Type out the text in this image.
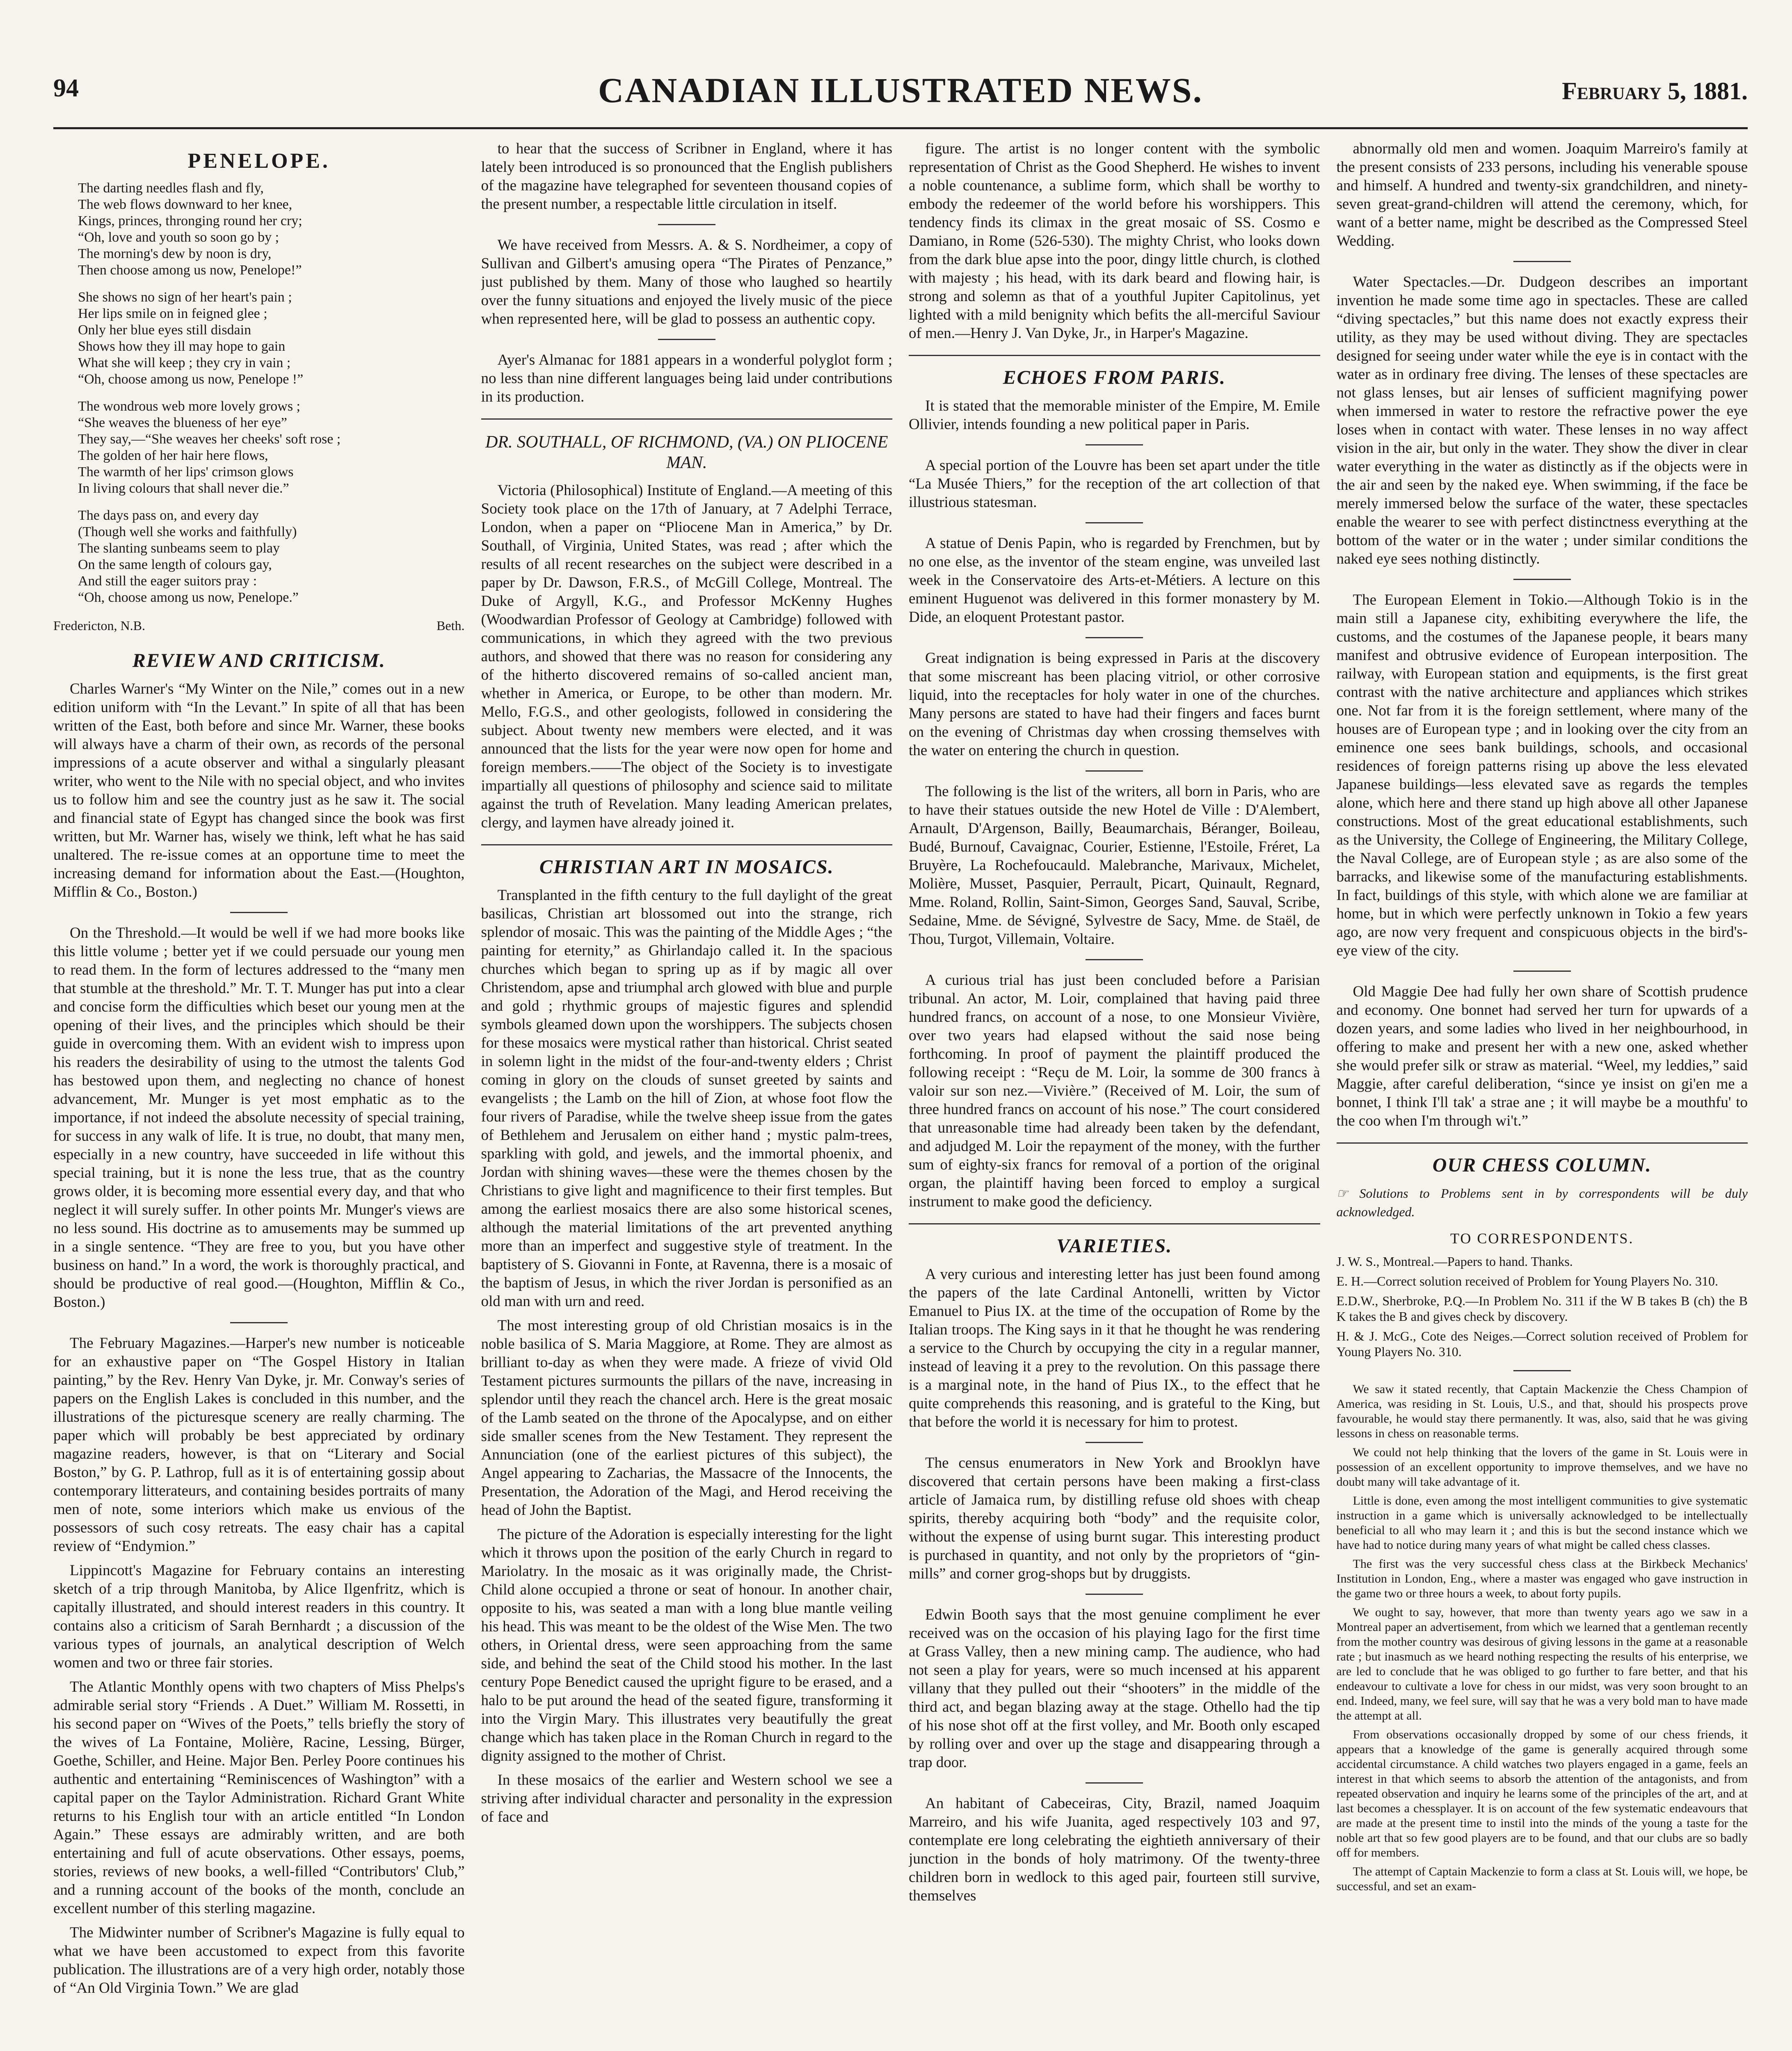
94	CANADIAN ILLUSTRATED NEWS.	February 5, 1881.
PENELOPE.
The darting needles flash and fly,
The web flows downward to her knee,
Kings, princes, thronging round her cry;
“Oh, love and youth so soon go by ;
The morning's dew by noon is dry,
Then choose among us now, Penelope!”
She shows no sign of her heart's pain ;
Her lips smile on in feigned glee ;
Only her blue eyes still disdain
Shows how they ill may hope to gain
What she will keep ; they cry in vain ;
“Oh, choose among us now, Penelope !”
The wondrous web more lovely grows ;
“She weaves the blueness of her eye”
They say,—“She weaves her cheeks' soft rose ;
The golden of her hair here flows,
The warmth of her lips' crimson glows
In living colours that shall never die.”
The days pass on, and every day
(Though well she works and faithfully)
The slanting sunbeams seem to play
On the same length of colours gay,
And still the eager suitors pray :
“Oh, choose among us now, Penelope.”
Fredericton, N.B.	Beth.
REVIEW AND CRITICISM.

Charles Warner's “My Winter on the Nile,” comes out in a new edition uniform with “In the Levant.” In spite of all that has been written of the East, both before and since Mr. Warner, these books will always have a charm of their own, as records of the personal impressions of a acute observer and withal a singularly pleasant writer, who went to the Nile with no special object, and who invites us to follow him and see the country just as he saw it. The social and financial state of Egypt has changed since the book was first written, but Mr. Warner has, wisely we think, left what he has said unaltered. The re-issue comes at an opportune time to meet the increasing demand for information about the East.—(Houghton, Mifflin & Co., Boston.)

On the Threshold.—It would be well if we had more books like this little volume ; better yet if we could persuade our young men to read them. In the form of lectures addressed to the “many men that stumble at the threshold.” Mr. T. T. Munger has put into a clear and concise form the difficulties which beset our young men at the opening of their lives, and the principles which should be their guide in overcoming them. With an evident wish to impress upon his readers the desirability of using to the utmost the talents God has bestowed upon them, and neglecting no chance of honest advancement, Mr. Munger is yet most emphatic as to the importance, if not indeed the absolute necessity of special training, for success in any walk of life. It is true, no doubt, that many men, especially in a new country, have succeeded in life without this special training, but it is none the less true, that as the country grows older, it is becoming more essential every day, and that who neglect it will surely suffer. In other points Mr. Munger's views are no less sound. His doctrine as to amusements may be summed up in a single sentence. “They are free to you, but you have other business on hand.” In a word, the work is thoroughly practical, and should be productive of real good.—(Houghton, Mifflin & Co., Boston.)

The February Magazines.—Harper's new number is noticeable for an exhaustive paper on “The Gospel History in Italian painting,” by the Rev. Henry Van Dyke, jr. Mr. Conway's series of papers on the English Lakes is concluded in this number, and the illustrations of the picturesque scenery are really charming. The paper which will probably be best appreciated by ordinary magazine readers, however, is that on “Literary and Social Boston,” by G. P. Lathrop, full as it is of entertaining gossip about contemporary litterateurs, and containing besides portraits of many men of note, some interiors which make us envious of the possessors of such cosy retreats. The easy chair has a capital review of “Endymion.”

Lippincott's Magazine for February contains an interesting sketch of a trip through Manitoba, by Alice Ilgenfritz, which is capitally illustrated, and should interest readers in this country. It contains also a criticism of Sarah Bernhardt ; a discussion of the various types of journals, an analytical description of Welch women and two or three fair stories.

The Atlantic Monthly opens with two chapters of Miss Phelps's admirable serial story “Friends . A Duet.” William M. Rossetti, in his second paper on “Wives of the Poets,” tells briefly the story of the wives of La Fontaine, Molière, Racine, Lessing, Bürger, Goethe, Schiller, and Heine. Major Ben. Perley Poore continues his authentic and entertaining “Reminiscences of Washington” with a capital paper on the Taylor Administration. Richard Grant White returns to his English tour with an article entitled “In London Again.” These essays are admirably written, and are both entertaining and full of acute observations. Other essays, poems, stories, reviews of new books, a well-filled “Contributors' Club,” and a running account of the books of the month, conclude an excellent number of this sterling magazine.

The Midwinter number of Scribner's Magazine is fully equal to what we have been accustomed to expect from this favorite publication. The illustrations are of a very high order, notably those of “An Old Virginia Town.” We are glad

to hear that the success of Scribner in England, where it has lately been introduced is so pronounced that the English publishers of the magazine have telegraphed for seventeen thousand copies of the present number, a respectable little circulation in itself.

We have received from Messrs. A. & S. Nordheimer, a copy of Sullivan and Gilbert's amusing opera “The Pirates of Penzance,” just published by them. Many of those who laughed so heartily over the funny situations and enjoyed the lively music of the piece when represented here, will be glad to possess an authentic copy.

Ayer's Almanac for 1881 appears in a wonderful polyglot form ; no less than nine different languages being laid under contributions in its production.

DR. SOUTHALL, OF RICHMOND, (VA.) ON PLIOCENE MAN.

Victoria (Philosophical) Institute of England.—A meeting of this Society took place on the 17th of January, at 7 Adelphi Terrace, London, when a paper on “Pliocene Man in America,” by Dr. Southall, of Virginia, United States, was read ; after which the results of all recent researches on the subject were described in a paper by Dr. Dawson, F.R.S., of McGill College, Montreal. The Duke of Argyll, K.G., and Professor McKenny Hughes (Woodwardian Professor of Geology at Cambridge) followed with communications, in which they agreed with the two previous authors, and showed that there was no reason for considering any of the hitherto discovered remains of so-called ancient man, whether in America, or Europe, to be other than modern. Mr. Mello, F.G.S., and other geologists, followed in considering the subject. About twenty new members were elected, and it was announced that the lists for the year were now open for home and foreign members.——The object of the Society is to investigate impartially all questions of philosophy and science said to militate against the truth of Revelation. Many leading American prelates, clergy, and laymen have already joined it.

CHRISTIAN ART IN MOSAICS.

Transplanted in the fifth century to the full daylight of the great basilicas, Christian art blossomed out into the strange, rich splendor of mosaic. This was the painting of the Middle Ages ; “the painting for eternity,” as Ghirlandajo called it. In the spacious churches which began to spring up as if by magic all over Christendom, apse and triumphal arch glowed with blue and purple and gold ; rhythmic groups of majestic figures and splendid symbols gleamed down upon the worshippers. The subjects chosen for these mosaics were mystical rather than historical. Christ seated in solemn light in the midst of the four-and-twenty elders ; Christ coming in glory on the clouds of sunset greeted by saints and evangelists ; the Lamb on the hill of Zion, at whose foot flow the four rivers of Paradise, while the twelve sheep issue from the gates of Bethlehem and Jerusalem on either hand ; mystic palm-trees, sparkling with gold, and jewels, and the immortal phoenix, and Jordan with shining waves—these were the themes chosen by the Christians to give light and magnificence to their first temples. But among the earliest mosaics there are also some historical scenes, although the material limitations of the art prevented anything more than an imperfect and suggestive style of treatment. In the baptistery of S. Giovanni in Fonte, at Ravenna, there is a mosaic of the baptism of Jesus, in which the river Jordan is personified as an old man with urn and reed.

The most interesting group of old Christian mosaics is in the noble basilica of S. Maria Maggiore, at Rome. They are almost as brilliant to-day as when they were made. A frieze of vivid Old Testament pictures surmounts the pillars of the nave, increasing in splendor until they reach the chancel arch. Here is the great mosaic of the Lamb seated on the throne of the Apocalypse, and on either side smaller scenes from the New Testament. They represent the Annunciation (one of the earliest pictures of this subject), the Angel appearing to Zacharias, the Massacre of the Innocents, the Presentation, the Adoration of the Magi, and Herod receiving the head of John the Baptist.

The picture of the Adoration is especially interesting for the light which it throws upon the position of the early Church in regard to Mariolatry. In the mosaic as it was originally made, the Christ-Child alone occupied a throne or seat of honour. In another chair, opposite to his, was seated a man with a long blue mantle veiling his head. This was meant to be the oldest of the Wise Men. The two others, in Oriental dress, were seen approaching from the same side, and behind the seat of the Child stood his mother. In the last century Pope Benedict caused the upright figure to be erased, and a halo to be put around the head of the seated figure, transforming it into the Virgin Mary. This illustrates very beautifully the great change which has taken place in the Roman Church in regard to the dignity assigned to the mother of Christ.

In these mosaics of the earlier and Western school we see a striving after individual character and personality in the expression of face and

figure. The artist is no longer content with the symbolic representation of Christ as the Good Shepherd. He wishes to invent a noble countenance, a sublime form, which shall be worthy to embody the redeemer of the world before his worshippers. This tendency finds its climax in the great mosaic of SS. Cosmo e Damiano, in Rome (526-530). The mighty Christ, who looks down from the dark blue apse into the poor, dingy little church, is clothed with majesty ; his head, with its dark beard and flowing hair, is strong and solemn as that of a youthful Jupiter Capitolinus, yet lighted with a mild benignity which befits the all-merciful Saviour of men.—Henry J. Van Dyke, Jr., in Harper's Magazine.

ECHOES FROM PARIS.

It is stated that the memorable minister of the Empire, M. Emile Ollivier, intends founding a new political paper in Paris.

A special portion of the Louvre has been set apart under the title “La Musée Thiers,” for the reception of the art collection of that illustrious statesman.

A statue of Denis Papin, who is regarded by Frenchmen, but by no one else, as the inventor of the steam engine, was unveiled last week in the Conservatoire des Arts-et-Métiers. A lecture on this eminent Huguenot was delivered in this former monastery by M. Dide, an eloquent Protestant pastor.

Great indignation is being expressed in Paris at the discovery that some miscreant has been placing vitriol, or other corrosive liquid, into the receptacles for holy water in one of the churches. Many persons are stated to have had their fingers and faces burnt on the evening of Christmas day when crossing themselves with the water on entering the church in question.

The following is the list of the writers, all born in Paris, who are to have their statues outside the new Hotel de Ville : D'Alembert, Arnault, D'Argenson, Bailly, Beaumarchais, Béranger, Boileau, Budé, Burnouf, Cavaignac, Courier, Estienne, l'Estoile, Fréret, La Bruyère, La Rochefoucauld. Malebranche, Marivaux, Michelet, Molière, Musset, Pasquier, Perrault, Picart, Quinault, Regnard, Mme. Roland, Rollin, Saint-Simon, Georges Sand, Sauval, Scribe, Sedaine, Mme. de Sévigné, Sylvestre de Sacy, Mme. de Staël, de Thou, Turgot, Villemain, Voltaire.

A curious trial has just been concluded before a Parisian tribunal. An actor, M. Loir, complained that having paid three hundred francs, on account of a nose, to one Monsieur Vivière, over two years had elapsed without the said nose being forthcoming. In proof of payment the plaintiff produced the following receipt : “Reçu de M. Loir, la somme de 300 francs à valoir sur son nez.—Vivière.” (Received of M. Loir, the sum of three hundred francs on account of his nose.” The court considered that unreasonable time had already been taken by the defendant, and adjudged M. Loir the repayment of the money, with the further sum of eighty-six francs for removal of a portion of the original organ, the plaintiff having been forced to employ a surgical instrument to make good the deficiency.

VARIETIES.

A very curious and interesting letter has just been found among the papers of the late Cardinal Antonelli, written by Victor Emanuel to Pius IX. at the time of the occupation of Rome by the Italian troops. The King says in it that he thought he was rendering a service to the Church by occupying the city in a regular manner, instead of leaving it a prey to the revolution. On this passage there is a marginal note, in the hand of Pius IX., to the effect that he quite comprehends this reasoning, and is grateful to the King, but that before the world it is necessary for him to protest.

The census enumerators in New York and Brooklyn have discovered that certain persons have been making a first-class article of Jamaica rum, by distilling refuse old shoes with cheap spirits, thereby acquiring both “body” and the requisite color, without the expense of using burnt sugar. This interesting product is purchased in quantity, and not only by the proprietors of “gin-mills” and corner grog-shops but by druggists.

Edwin Booth says that the most genuine compliment he ever received was on the occasion of his playing Iago for the first time at Grass Valley, then a new mining camp. The audience, who had not seen a play for years, were so much incensed at his apparent villany that they pulled out their “shooters” in the middle of the third act, and began blazing away at the stage. Othello had the tip of his nose shot off at the first volley, and Mr. Booth only escaped by rolling over and over up the stage and disappearing through a trap door.

An habitant of Cabeceiras, City, Brazil, named Joaquim Marreiro, and his wife Juanita, aged respectively 103 and 97, contemplate ere long celebrating the eightieth anniversary of their junction in the bonds of holy matrimony. Of the twenty-three children born in wedlock to this aged pair, fourteen still survive, themselves

abnormally old men and women. Joaquim Marreiro's family at the present consists of 233 persons, including his venerable spouse and himself. A hundred and twenty-six grandchildren, and ninety-seven great-grand-children will attend the ceremony, which, for want of a better name, might be described as the Compressed Steel Wedding.

Water Spectacles.—Dr. Dudgeon describes an important invention he made some time ago in spectacles. These are called “diving spectacles,” but this name does not exactly express their utility, as they may be used without diving. They are spectacles designed for seeing under water while the eye is in contact with the water as in ordinary free diving. The lenses of these spectacles are not glass lenses, but air lenses of sufficient magnifying power when immersed in water to restore the refractive power the eye loses when in contact with water. These lenses in no way affect vision in the air, but only in the water. They show the diver in clear water everything in the water as distinctly as if the objects were in the air and seen by the naked eye. When swimming, if the face be merely immersed below the surface of the water, these spectacles enable the wearer to see with perfect distinctness everything at the bottom of the water or in the water ; under similar conditions the naked eye sees nothing distinctly.

The European Element in Tokio.—Although Tokio is in the main still a Japanese city, exhibiting everywhere the life, the customs, and the costumes of the Japanese people, it bears many manifest and obtrusive evidence of European interposition. The railway, with European station and equipments, is the first great contrast with the native architecture and appliances which strikes one. Not far from it is the foreign settlement, where many of the houses are of European type ; and in looking over the city from an eminence one sees bank buildings, schools, and occasional residences of foreign patterns rising up above the less elevated Japanese buildings—less elevated save as regards the temples alone, which here and there stand up high above all other Japanese constructions. Most of the great educational establishments, such as the University, the College of Engineering, the Military College, the Naval College, are of European style ; as are also some of the barracks, and likewise some of the manufacturing establishments. In fact, buildings of this style, with which alone we are familiar at home, but in which were perfectly unknown in Tokio a few years ago, are now very frequent and conspicuous objects in the bird's-eye view of the city.

Old Maggie Dee had fully her own share of Scottish prudence and economy. One bonnet had served her turn for upwards of a dozen years, and some ladies who lived in her neighbourhood, in offering to make and present her with a new one, asked whether she would prefer silk or straw as material. “Weel, my leddies,” said Maggie, after careful deliberation, “since ye insist on gi'en me a bonnet, I think I'll tak' a strae ane ; it will maybe be a mouthfu' to the coo when I'm through wi't.”

OUR CHESS COLUMN.
☞ Solutions to Problems sent in by correspondents will be duly acknowledged.
TO CORRESPONDENTS.
J. W. S., Montreal.—Papers to hand. Thanks.
E. H.—Correct solution received of Problem for Young Players No. 310.
E.D.W., Sherbroke, P.Q.—In Problem No. 311 if the W B takes B (ch) the B K takes the B and gives check by discovery.
H. & J. McG., Cote des Neiges.—Correct solution received of Problem for Young Players No. 310.

We saw it stated recently, that Captain Mackenzie the Chess Champion of America, was residing in St. Louis, U.S., and that, should his prospects prove favourable, he would stay there permanently. It was, also, said that he was giving lessons in chess on reasonable terms.

We could not help thinking that the lovers of the game in St. Louis were in possession of an excellent opportunity to improve themselves, and we have no doubt many will take advantage of it.

Little is done, even among the most intelligent communities to give systematic instruction in a game which is universally acknowledged to be intellectually beneficial to all who may learn it ; and this is but the second instance which we have had to notice during many years of what might be called chess classes.

The first was the very successful chess class at the Birkbeck Mechanics' Institution in London, Eng., where a master was engaged who gave instruction in the game two or three hours a week, to about forty pupils.

We ought to say, however, that more than twenty years ago we saw in a Montreal paper an advertisement, from which we learned that a gentleman recently from the mother country was desirous of giving lessons in the game at a reasonable rate ; but inasmuch as we heard nothing respecting the results of his enterprise, we are led to conclude that he was obliged to go further to fare better, and that his endeavour to cultivate a love for chess in our midst, was very soon brought to an end. Indeed, many, we feel sure, will say that he was a very bold man to have made the attempt at all.

From observations occasionally dropped by some of our chess friends, it appears that a knowledge of the game is generally acquired through some accidental circumstance. A child watches two players engaged in a game, feels an interest in that which seems to absorb the attention of the antagonists, and from repeated observation and inquiry he learns some of the principles of the art, and at last becomes a chessplayer. It is on account of the few systematic endeavours that are made at the present time to instil into the minds of the young a taste for the noble art that so few good players are to be found, and that our clubs are so badly off for members.

The attempt of Captain Mackenzie to form a class at St. Louis will, we hope, be successful, and set an exam-
